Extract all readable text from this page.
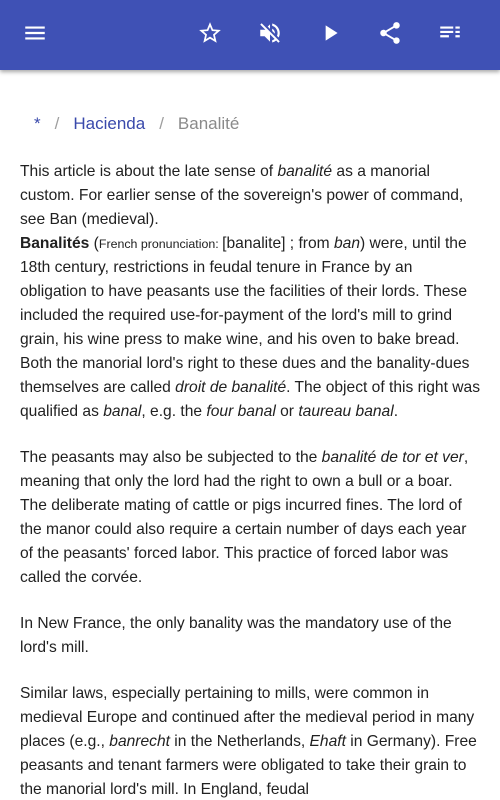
* / Hacienda / Banalité

This article is about the late sense of banalité as a manorial custom. For earlier sense of the sovereign's power of command, see Ban (medieval).

Banalités (French pronunciation: [banalite] ; from ban) were, until the 18th century, restrictions in feudal tenure in France by an obligation to have peasants use the facilities of their lords. These included the required use-for-payment of the lord's mill to grind grain, his wine press to make wine, and his oven to bake bread. Both the manorial lord's right to these dues and the banality-dues themselves are called droit de banalité. The object of this right was qualified as banal, e.g. the four banal or taureau banal.

The peasants may also be subjected to the banalité de tor et ver, meaning that only the lord had the right to own a bull or a boar. The deliberate mating of cattle or pigs incurred fines. The lord of the manor could also require a certain number of days each year of the peasants' forced labor. This practice of forced labor was called the corvée.

In New France, the only banality was the mandatory use of the lord's mill.

Similar laws, especially pertaining to mills, were common in medieval Europe and continued after the medieval period in many places (e.g., banrecht in the Netherlands, Ehaft in Germany). Free peasants and tenant farmers were obligated to take their grain to the manorial lord's mill. In England, feudal
